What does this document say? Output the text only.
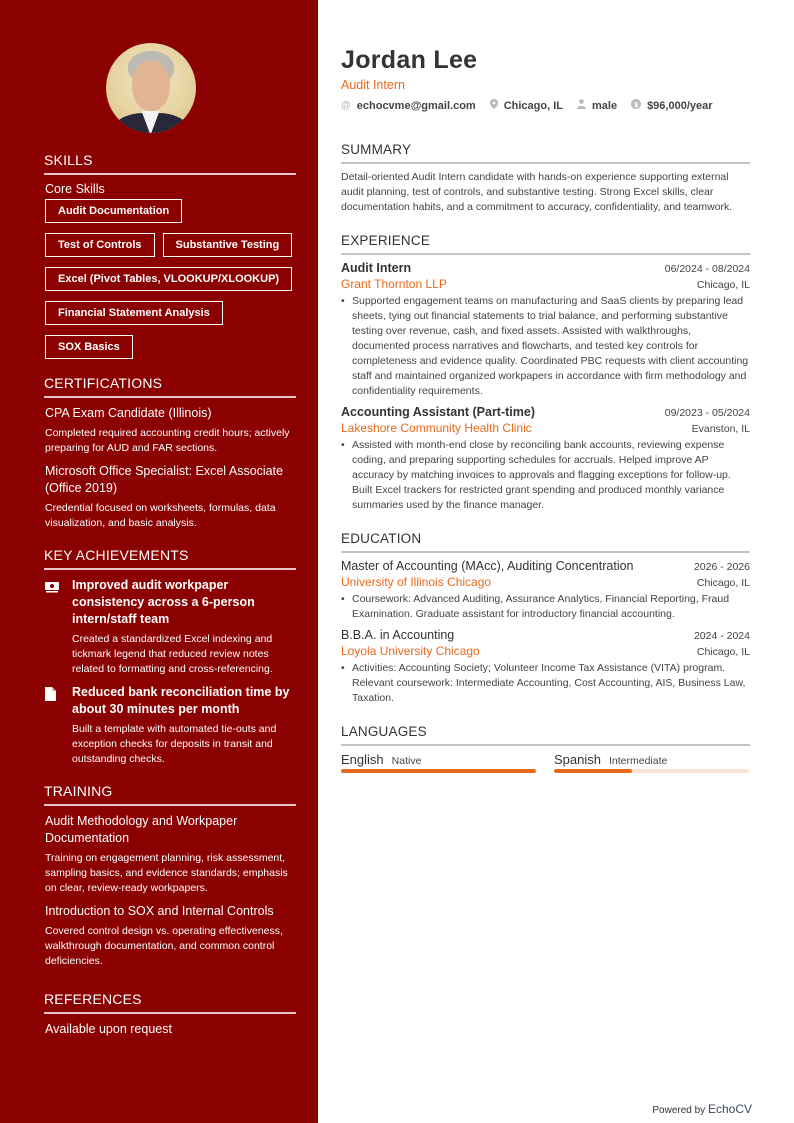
SKILLS
Core Skills
Audit Documentation
Test of Controls	Substantive Testing
Excel (Pivot Tables, VLOOKUP/XLOOKUP)
Financial Statement Analysis
SOX Basics
CERTIFICATIONS
CPA Exam Candidate (Illinois)
Completed required accounting credit hours; actively preparing for AUD and FAR sections.
Microsoft Office Specialist: Excel Associate (Office 2019)
Credential focused on worksheets, formulas, data visualization, and basic analysis.
KEY ACHIEVEMENTS
Improved audit workpaper consistency across a 6-person intern/staff team
Created a standardized Excel indexing and tickmark legend that reduced review notes related to formatting and cross-referencing.
Reduced bank reconciliation time by about 30 minutes per month
Built a template with automated tie-outs and exception checks for deposits in transit and outstanding checks.
TRAINING
Audit Methodology and Workpaper Documentation
Training on engagement planning, risk assessment, sampling basics, and evidence standards; emphasis on clear, review-ready workpapers.
Introduction to SOX and Internal Controls
Covered control design vs. operating effectiveness, walkthrough documentation, and common control deficiencies.
REFERENCES
Available upon request
Jordan Lee
Audit Intern
@ echocvme@gmail.com	Chicago, IL	male $ $96,000/year
SUMMARY
Detail-oriented Audit Intern candidate with hands-on experience supporting external audit planning, test of controls, and substantive testing. Strong Excel skills, clear documentation habits, and a commitment to accuracy, confidentiality, and teamwork.
EXPERIENCE
Audit Intern	06/2024 - 08/2024
Grant Thornton LLP	Chicago, IL
• Supported engagement teams on manufacturing and SaaS clients by preparing lead sheets, tying out financial statements to trial balance, and performing substantive testing over revenue, cash, and fixed assets. Assisted with walkthroughs, documented process narratives and flowcharts, and tested key controls for completeness and evidence quality. Coordinated PBC requests with client accounting staff and maintained organized workpapers in accordance with firm methodology and confidentiality requirements.
Accounting Assistant (Part-time)	09/2023 - 05/2024
Lakeshore Community Health Clinic	Evanston, IL
• Assisted with month-end close by reconciling bank accounts, reviewing expense coding, and preparing supporting schedules for accruals. Helped improve AP accuracy by matching invoices to approvals and flagging exceptions for follow-up. Built Excel trackers for restricted grant spending and produced monthly variance summaries used by the finance manager.
EDUCATION
Master of Accounting (MAcc), Auditing Concentration	2026 - 2026
University of Illinois Chicago	Chicago, IL
• Coursework: Advanced Auditing, Assurance Analytics, Financial Reporting, Fraud Examination. Graduate assistant for introductory financial accounting.
B.B.A. in Accounting	2024 - 2024
Loyola University Chicago	Chicago, IL
• Activities: Accounting Society; Volunteer Income Tax Assistance (VITA) program. Relevant coursework: Intermediate Accounting, Cost Accounting, AIS, Business Law, Taxation.
LANGUAGES
English Native	Spanish Intermediate
Powered by EchoCV
